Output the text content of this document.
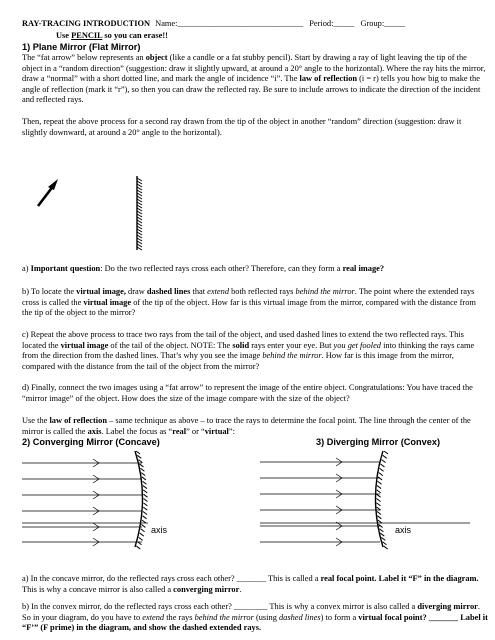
RAY-TRACING INTRODUCTION Name:______________________________ Period:_____ Group:_____
Use PENCIL so you can erase!!
1) Plane Mirror (Flat Mirror)
The “fat arrow” below represents an object (like a candle or a fat stubby pencil). Start by drawing a ray of light leaving the tip of the object in a “random direction” (suggestion: draw it slightly upward, at around a 20° angle to the horizontal). Where the ray hits the mirror, draw a “normal” with a short dotted line, and mark the angle of incidence “i”. The law of reflection (i = r) tells you how big to make the angle of reflection (mark it “r”), so then you can draw the reflected ray. Be sure to include arrows to indicate the direction of the incident and reflected rays.
Then, repeat the above process for a second ray drawn from the tip of the object in another “random” direction (suggestion: draw it slightly downward, at around a 20° angle to the horizontal).
a) Important question: Do the two reflected rays cross each other? Therefore, can they form a real image?
b) To locate the virtual image, draw dashed lines that extend both reflected rays behind the mirror. The point where the extended rays cross is called the virtual image of the tip of the object. How far is this virtual image from the mirror, compared with the distance from the tip of the object to the mirror?
c) Repeat the above process to trace two rays from the tail of the object, and used dashed lines to extend the two reflected rays. This located the virtual image of the tail of the object. NOTE: The solid rays enter your eye. But you get fooled into thinking the rays came from the direction from the dashed lines. That’s why you see the image behind the mirror. How far is this image from the mirror, compared with the distance from the tail of the object from the mirror?
d) Finally, connect the two images using a “fat arrow” to represent the image of the entire object. Congratulations: You have traced the “mirror image” of the object. How does the size of the image compare with the size of the object?
Use the law of reflection – same technique as above – to trace the rays to determine the focal point. The line through the center of the mirror is called the axis. Label the focus as “real” or “virtual”:
2) Converging Mirror (Concave)	3) Diverging Mirror (Convex)
axis	axis
a) In the concave mirror, do the reflected rays cross each other? _______ This is called a real focal point. Label it “F” in the diagram. This is why a concave mirror is also called a converging mirror.
b) In the convex mirror, do the reflected rays cross each other? ________ This is why a convex mirror is also called a diverging mirror. So in your diagram, do you have to extend the rays behind the mirror (using dashed lines) to form a virtual focal point? _______ Label it “F’” (F prime) in the diagram, and show the dashed extended rays.
